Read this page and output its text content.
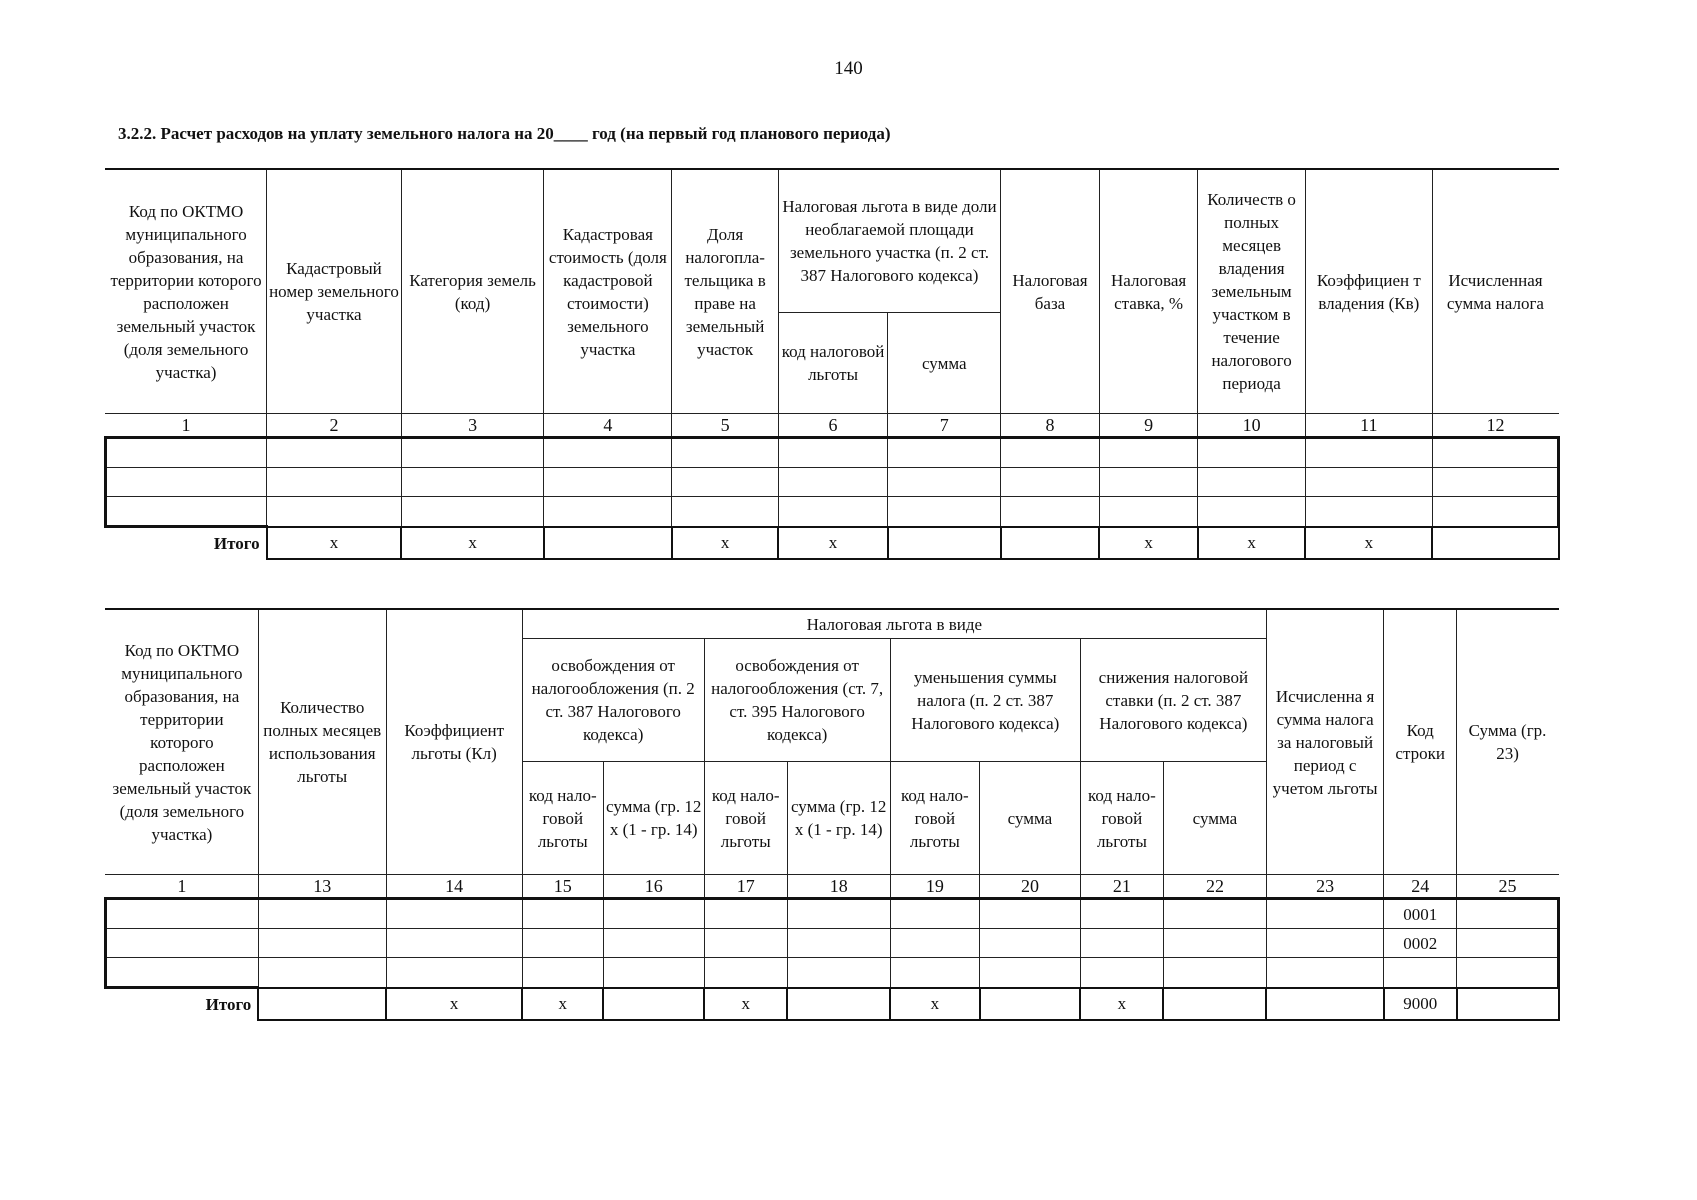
140
3.2.2. Расчет расходов на уплату земельного налога на 20____ год (на первый год планового периода)
Код по ОКТМО муниципального образования, на территории которого расположен земельный участок (доля земельного участка)	Кадастровый номер земельного участка	Категория земель (код)	Кадастровая стоимость (доля кадастровой стоимости) земельного участка	Доля налогопла-тельщика в праве на земельный участок	Налоговая льгота в виде доли необлагаемой площади земельного участка (п. 2 ст. 387 Налогового кодекса)		Налоговая база	Налоговая ставка, %	Количеств о полных месяцев владения земельным участком в течение налогового периода	Коэффициен т владения (Кв)	Исчисленная сумма налога
					код налоговой льготы	сумма					
1	2	3	4	5	6	7	8	9	10	11	12

Итого	x	x		x	x			x	x	x	
Код по ОКТМО муниципального образования, на территории которого расположен земельный участок (доля земельного участка)	Количество полных месяцев использования льготы	Коэффициент льготы (Кл)	Налоговая льгота в виде								Исчисленна я сумма налога за налоговый период с учетом льготы	Код строки	Сумма (гр. 23)
			освобождения от налогообложения (п. 2 ст. 387 Налогового кодекса)		освобождения от налогообложения (ст. 7, ст. 395 Налогового кодекса)		уменьшения суммы налога (п. 2 ст. 387 Налогового кодекса)		снижения налоговой ставки (п. 2 ст. 387 Налогового кодекса)				
			код нало-говой льготы	сумма (гр. 12 x (1 - гр. 14)	код нало-говой льготы	сумма (гр. 12 x (1 - гр. 14)	код нало-говой льготы	сумма	код нало-говой льготы	сумма			
1	13	14	15	16	17	18	19	20	21	22	23	24	25
												0001	
												0002	

Итого		x	x		x		x		x			9000	
